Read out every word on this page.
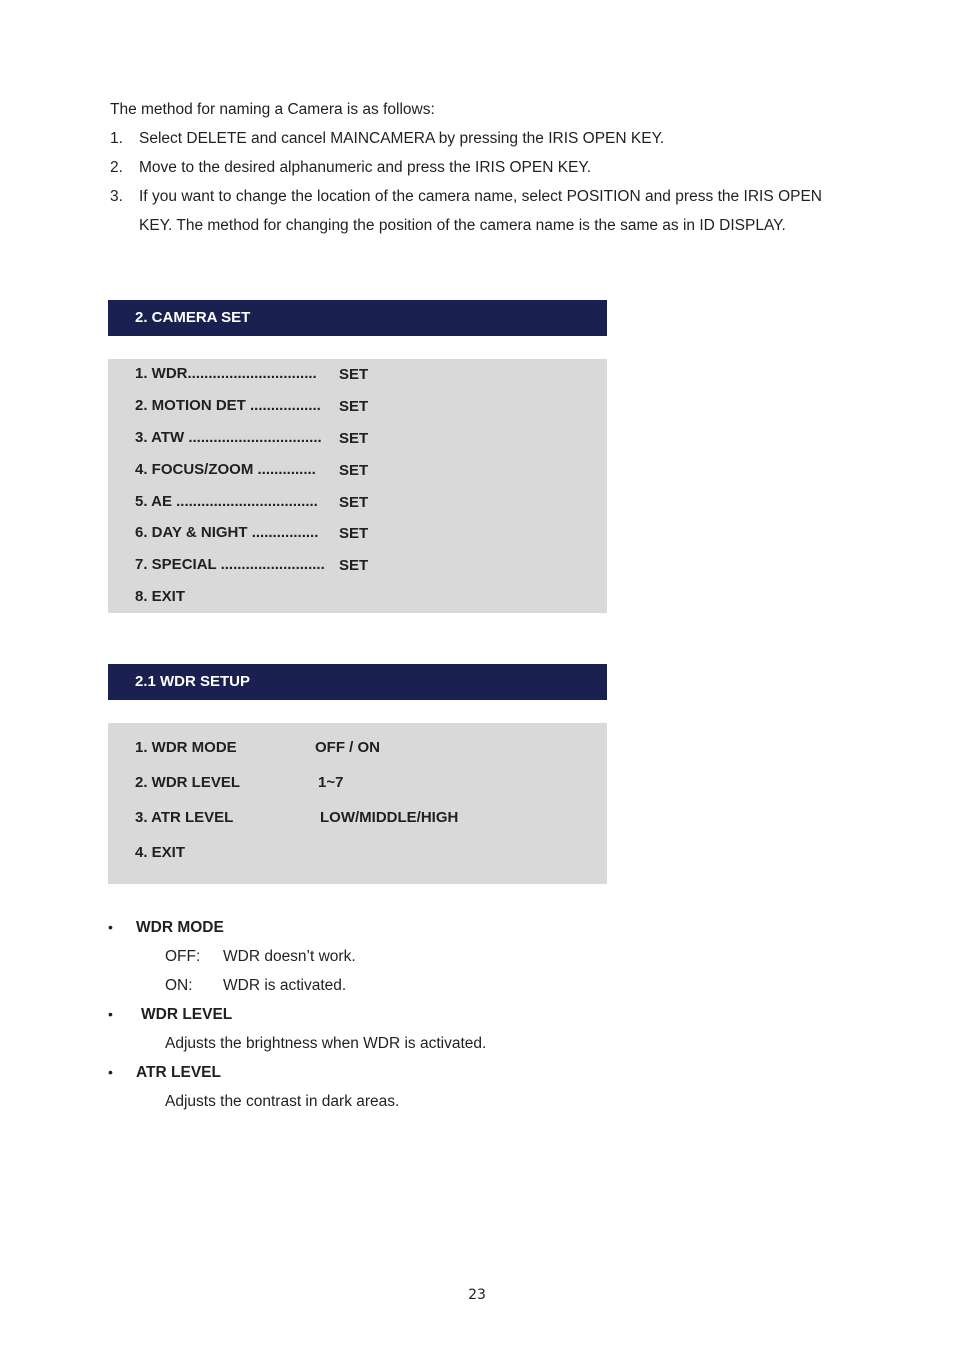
The method for naming a Camera is as follows:

1.	Select DELETE and cancel MAINCAMERA by pressing the IRIS OPEN KEY.
2.	Move to the desired alphanumeric and press the IRIS OPEN KEY.
3.	If you want to change the location of the camera name, select POSITION and press the IRIS OPEN KEY. The method for changing the position of the camera name is the same as in ID DISPLAY.
2. CAMERA SET
1. WDR............................... SET
2. MOTION DET ................. SET
3. ATW ................................ SET
4. FOCUS/ZOOM .............. SET
5. AE .................................. SET
6. DAY & NIGHT ................ SET
7. SPECIAL ......................... SET
8. EXIT
2.1 WDR SETUP
1. WDR MODE	OFF / ON
2. WDR LEVEL	1~7
3. ATR LEVEL	LOW/MIDDLE/HIGH
4. EXIT
• WDR MODE
OFF: WDR doesn’t work.
ON: WDR is activated.
• WDR LEVEL
Adjusts the brightness when WDR is activated.
• ATR LEVEL
Adjusts the contrast in dark areas.
23
